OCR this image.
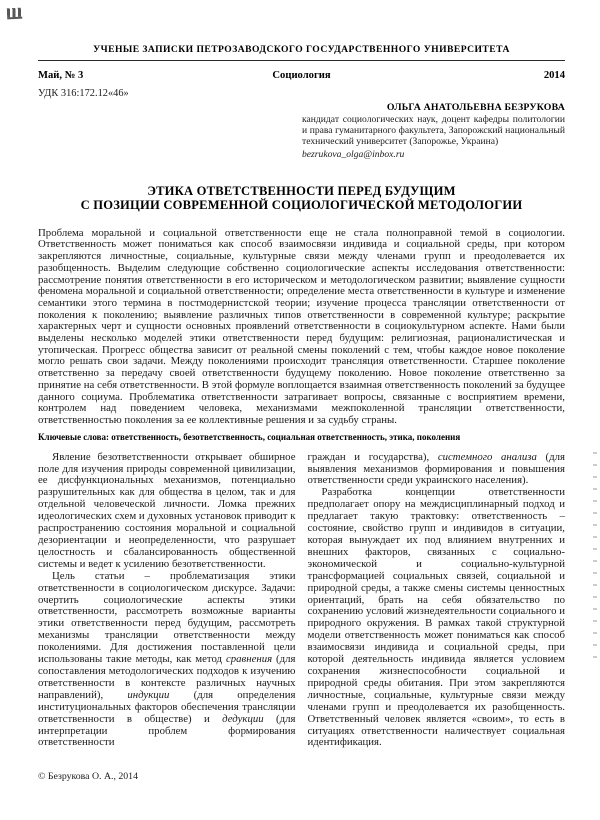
УЧЕНЫЕ ЗАПИСКИ ПЕТРОЗАВОДСКОГО ГОСУДАРСТВЕННОГО УНИВЕРСИТЕТА
Май, № 3	Социология	2014
УДК 316:172.12«46»
ОЛЬГА АНАТОЛЬЕВНА БЕЗРУКОВА
кандидат социологических наук, доцент кафедры политологии и права гуманитарного факультета, Запорожский национальный технический университет (Запорожье, Украина)
bezrukova_olga@inbox.ru
ЭТИКА ОТВЕТСТВЕННОСТИ ПЕРЕД БУДУЩИМ
С ПОЗИЦИИ СОВРЕМЕННОЙ СОЦИОЛОГИЧЕСКОЙ МЕТОДОЛОГИИ

Проблема моральной и социальной ответственности еще не стала полноправной темой в социологии. Ответственность может пониматься как способ взаимосвязи индивида и социальной среды, при котором закрепляются личностные, социальные, культурные связи между членами групп и преодолевается их разобщенность. Выделим следующие собственно социологические аспекты исследования ответственности: рассмотрение понятия ответственности в его историческом и методологическом развитии; выявление сущности феномена моральной и социальной ответственности; определение места ответственности в культуре и изменение семантики этого термина в постмодернистской теории; изучение процесса трансляции ответственности от поколения к поколению; выявление различных типов ответственности в современной культуре; раскрытие характерных черт и сущности основных проявлений ответственности в социокультурном аспекте. Нами были выделены несколько моделей этики ответственности перед будущим: религиозная, рационалистическая и утопическая. Прогресс общества зависит от реальной смены поколений с тем, чтобы каждое новое поколение могло решать свои задачи. Между поколениями происходит трансляция ответственности. Старшее поколение ответственно за передачу своей ответственности будущему поколению. Новое поколение ответственно за принятие на себя ответственности. В этой формуле воплощается взаимная ответственность поколений за будущее данного социума. Проблематика ответственности затрагивает вопросы, связанные с восприятием времени, контролем над поведением человека, механизмами межпоколенной трансляции ответственности, ответственностью поколения за ее коллективные решения и за судьбу страны.

Ключевые слова: ответственность, безответственность, социальная ответственность, этика, поколения

Явление безответственности открывает обширное поле для изучения природы современной цивилизации, ее дисфункциональных механизмов, потенциально разрушительных как для общества в целом, так и для отдельной человеческой личности. Ломка прежних идеологических схем и духовных установок приводит к распространению состояния моральной и социальной дезориентации и неопределенности, что разрушает целостность и сбалансированность общественной системы и ведет к усилению безответственности.

Цель статьи – проблематизация этики ответственности в социологическом дискурсе. Задачи: очертить социологические аспекты этики ответственности, рассмотреть возможные варианты этики ответственности перед будущим, рассмотреть механизмы трансляции ответственности между поколениями. Для достижения поставленной цели использованы такие методы, как метод сравнения (для сопоставления методологических подходов к изучению ответственности в контексте различных научных направлений), индукции (для определения институциональных факторов обеспечения трансляции ответственности в обществе) и дедукции (для интерпретации проблем формирования ответственности

граждан и государства), системного анализа (для выявления механизмов формирования и повышения ответственности среди украинского населения).

Разработка концепции ответственности предполагает опору на междисциплинарный подход и предлагает такую трактовку: ответственность – состояние, свойство групп и индивидов в ситуации, которая вынуждает их под влиянием внутренних и внешних факторов, связанных с социально-экономической и социально-культурной трансформацией социальных связей, социальной и природной среды, а также смены системы ценностных ориентаций, брать на себя обязательство по сохранению условий жизнедеятельности социального и природного окружения. В рамках такой структурной модели ответственность может пониматься как способ взаимосвязи индивида и социальной среды, при которой деятельность индивида является условием сохранения жизнеспособности социальной и природной среды обитания. При этом закрепляются личностные, социальные, культурные связи между членами групп и преодолевается их разобщенность. Ответственный человек является «своим», то есть в ситуациях ответственности наличествует социальная идентификация.

© Безрукова О. А., 2014
